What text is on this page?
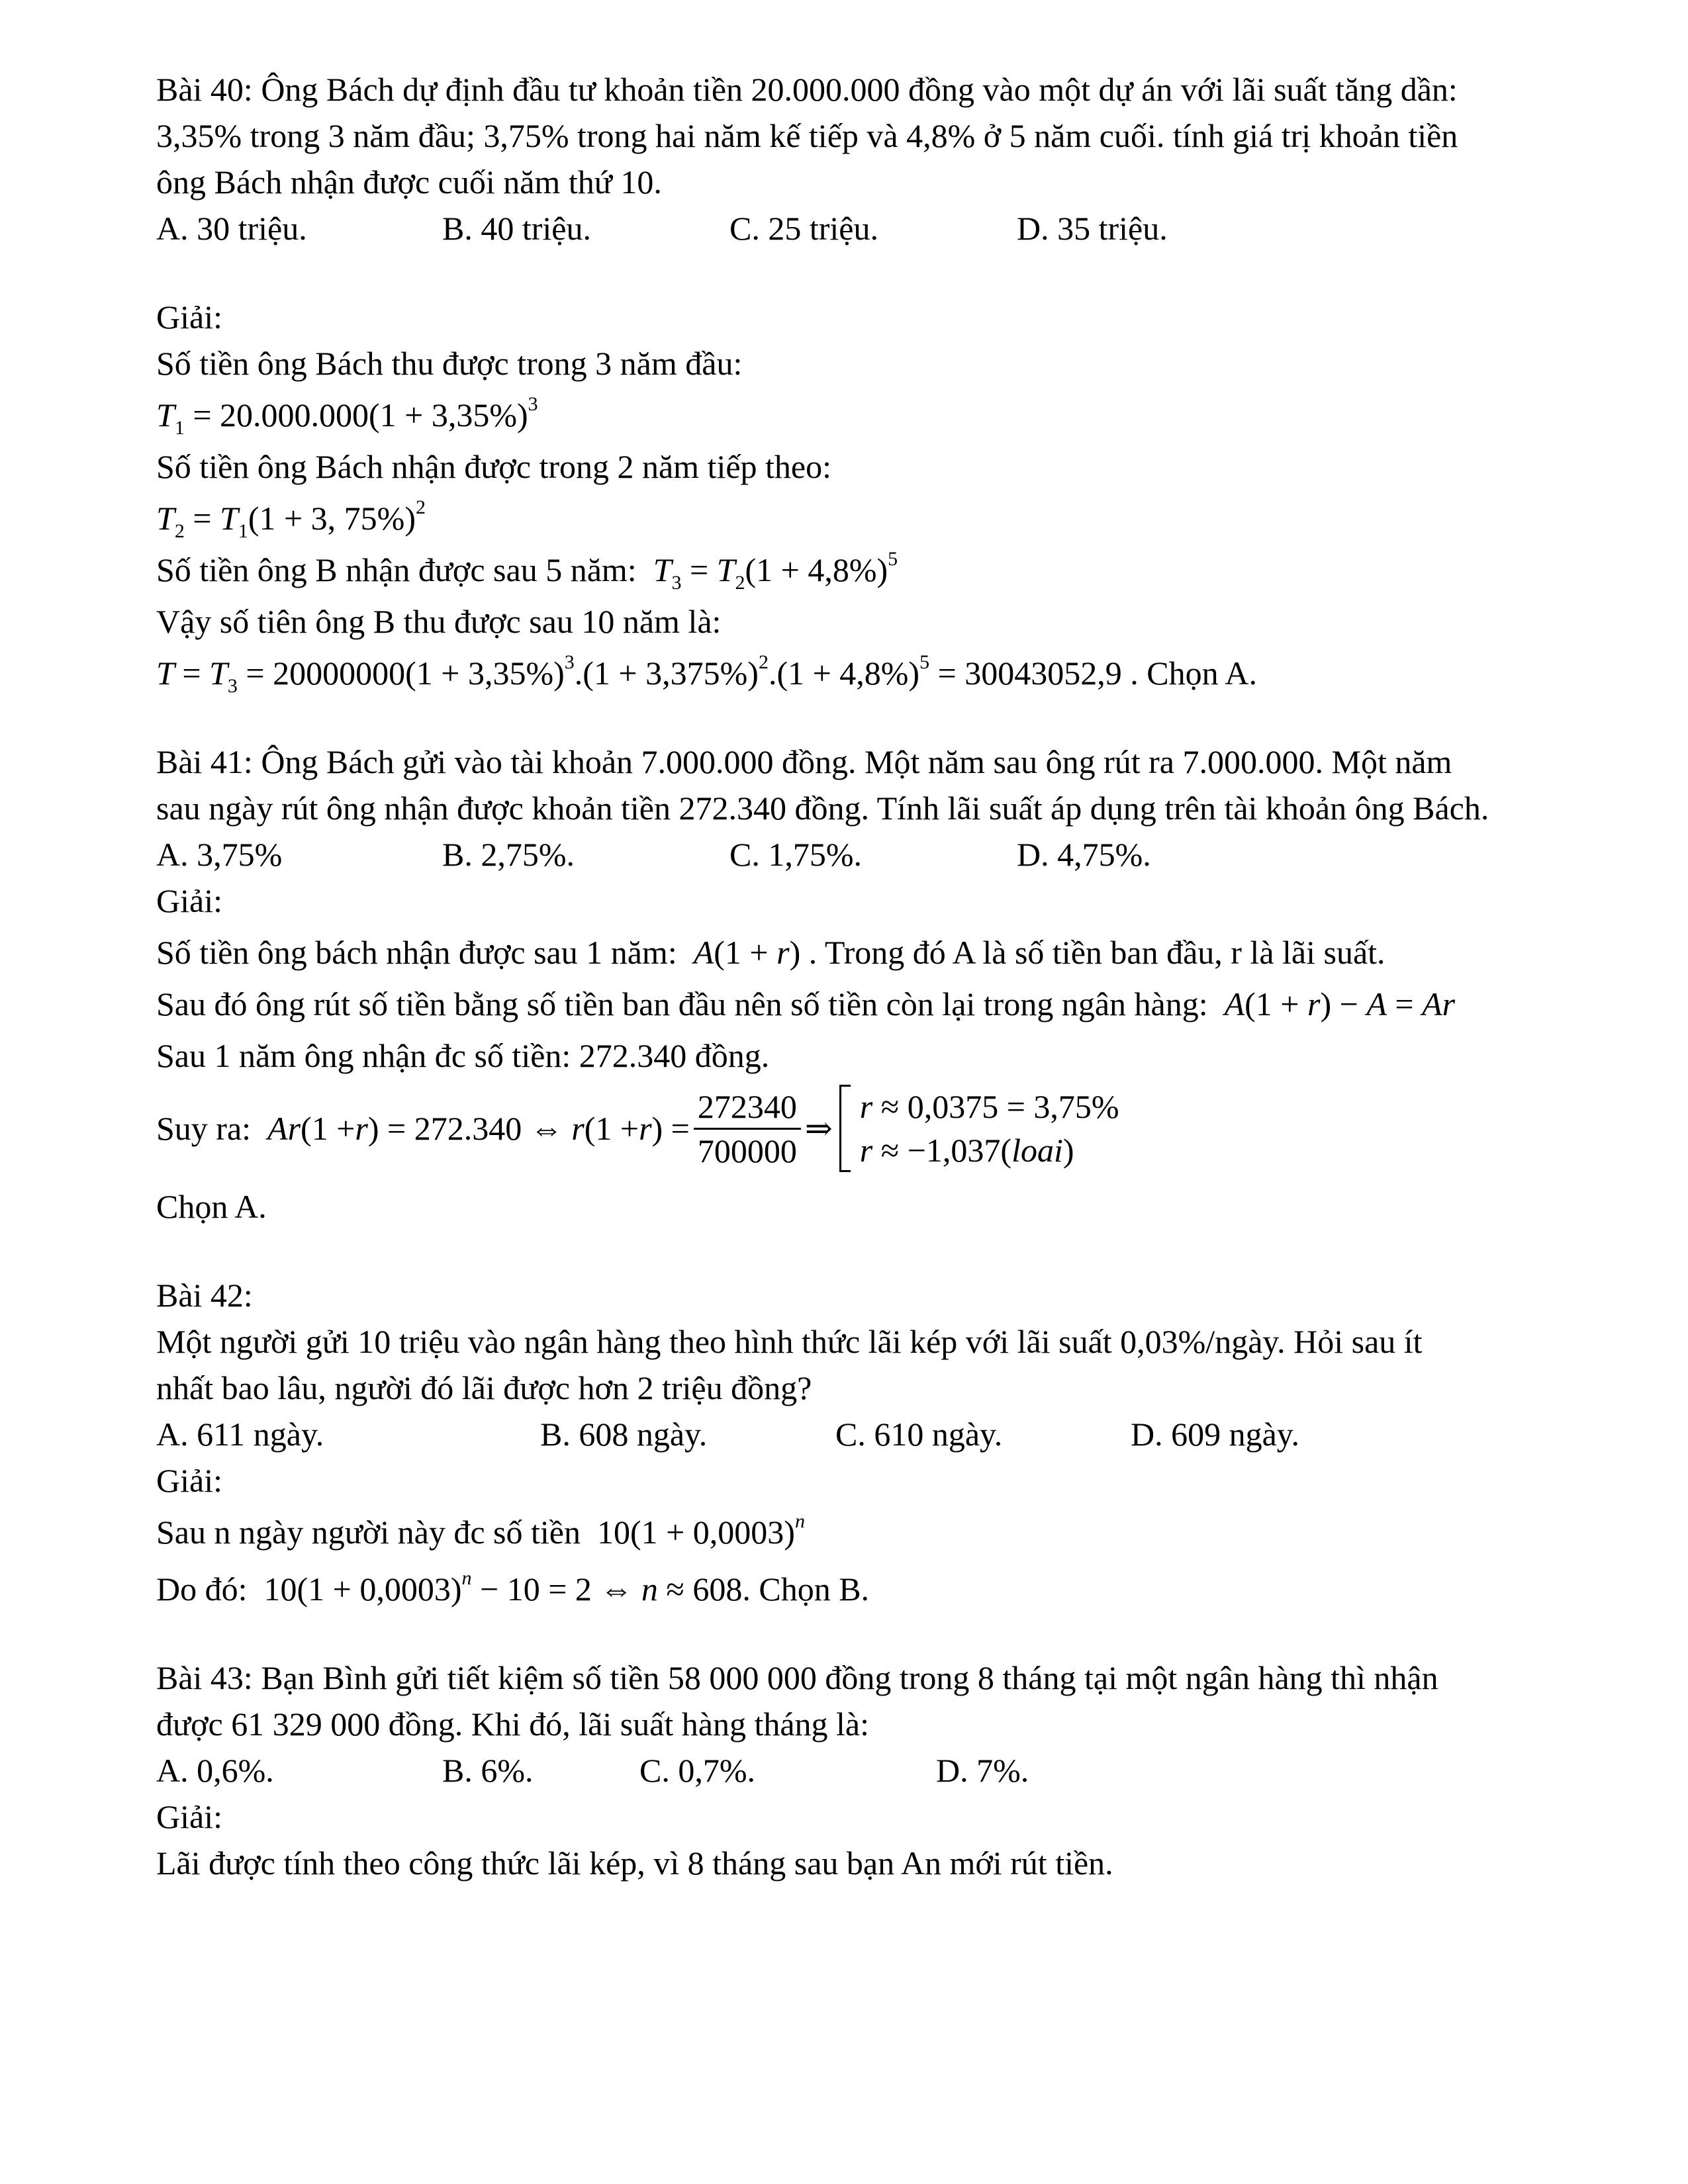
Bài 40: Ông Bách dự định đầu tư khoản tiền 20.000.000 đồng vào một dự án với lãi suất tăng dần:

3,35% trong 3 năm đầu; 3,75% trong hai năm kế tiếp và 4,8% ở 5 năm cuối. tính giá trị khoản tiền

ông Bách nhận được cuối năm thứ 10.

A. 30 triệu.	B. 40 triệu.	C. 25 triệu.	D. 35 triệu.

Giải:

Số tiền ông Bách thu được trong 3 năm đầu:

$T_1 = 20.000.000(1 + 3,35\%)^3$

Số tiền ông Bách nhận được trong 2 năm tiếp theo:

$T_2 = T_1(1 + 3$, 75%)$^2$

Số tiền ông B nhận được sau 5 năm: $T_3 = T_2(1 + 4,8\%)^5$

Vậy số tiên ông B thu được sau 10 năm là:

$T = T_3 = 20000000(1 + 3,35\%)^3.(1 + 3,375\%)^2.(1 + 4,8\%)^5 = 30043052,9$ . Chọn A.

Bài 41: Ông Bách gửi vào tài khoản 7.000.000 đồng. Một năm sau ông rút ra 7.000.000. Một năm

sau ngày rút ông nhận được khoản tiền 272.340 đồng. Tính lãi suất áp dụng trên tài khoản ông Bách.

A. 3,75%	B. 2,75%.	C. 1,75%.	D. 4,75%.

Giải:

Số tiền ông bách nhận được sau 1 năm: A(1 + r) . Trong đó A là số tiền ban đầu, r là lãi suất.

Sau đó ông rút số tiền bằng số tiền ban đầu nên số tiền còn lại trong ngân hàng: A(1 + r) − A = Ar

Sau 1 năm ông nhận đc số tiền: 272.340 đồng.

Suy ra:
Ar (1 + r ) = 272.340 ⇔
r (1 + r ) = $\frac{272340}{700000}$ ⇒
r ≈ 0,0375 = 3,75%
r ≈ −1,037(loai)

Chọn A.

Bài 42:

Một người gửi 10 triệu vào ngân hàng theo hình thức lãi kép với lãi suất 0,03%/ngày. Hỏi sau ít

nhất bao lâu, người đó lãi được hơn 2 triệu đồng?

A. 611 ngày.	B. 608 ngày.	C. 610 ngày.	D. 609 ngày.

Giải:

Sau n ngày người này đc số tiền $10(1 + 0,0003)^n$

Do đó: $10(1 + 0,0003)^n - 10 = 2$ ⇔ n ≈ 608. Chọn B.

Bài 43: Bạn Bình gửi tiết kiệm số tiền 58 000 000 đồng trong 8 tháng tại một ngân hàng thì nhận

được 61 329 000 đồng. Khi đó, lãi suất hàng tháng là:

A. 0,6%.	B. 6%.	C. 0,7%.	D. 7%.

Giải:

Lãi được tính theo công thức lãi kép, vì 8 tháng sau bạn An mới rút tiền.
